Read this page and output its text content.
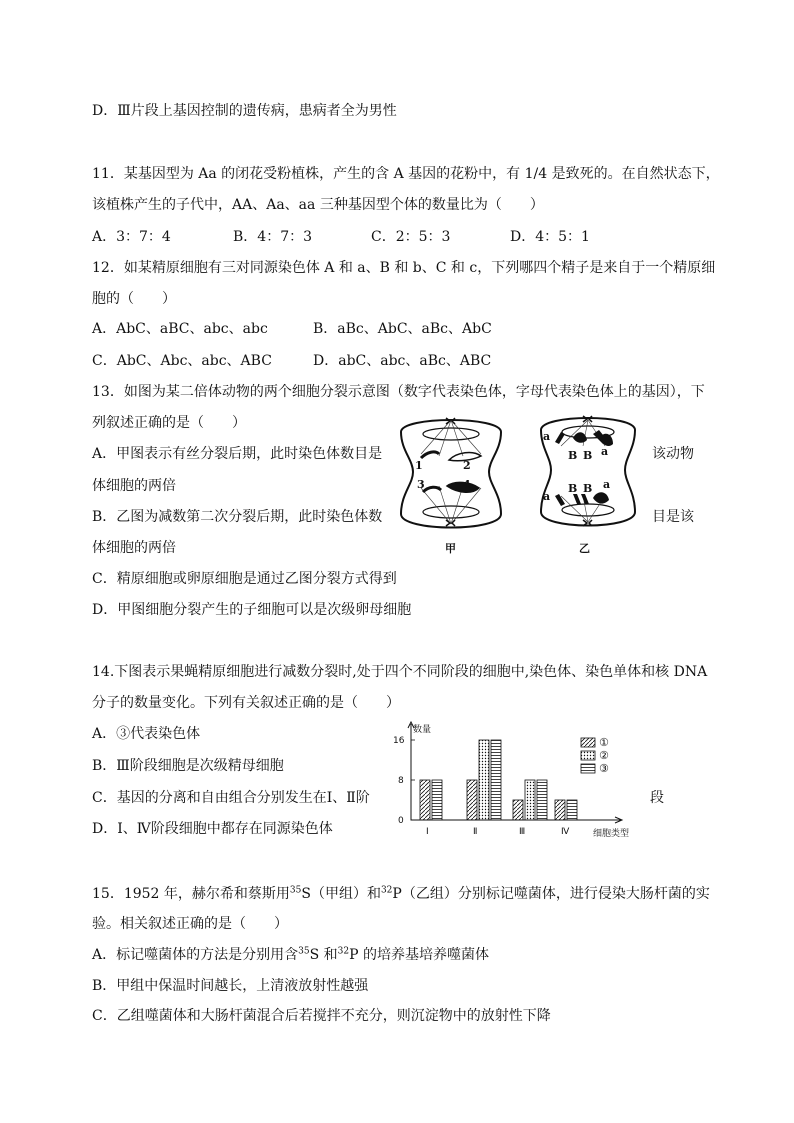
D．Ⅲ片段上基因控制的遗传病，患病者全为男性
11．某基因型为 Aa 的闭花受粉植株，产生的含 A 基因的花粉中，有 1/4 是致死的。在自然状态下，
该植株产生的子代中，AA、Aa、aa 三种基因型个体的数量比为（　　）
A．3：7：4	B．4：7：3	C．2：5：3	D．4：5：1
12．如某精原细胞有三对同源染色体 A 和 a、B 和 b、C 和 c，下列哪四个精子是来自于一个精原细
胞的（　　）
A．AbC、aBC、abc、abc	B．aBc、AbC、aBc、AbC
C．AbC、Abc、abc、ABC	D．abC、abc、aBc、ABC
13．如图为某二倍体动物的两个细胞分裂示意图（数字代表染色体，字母代表染色体上的基因），下
列叙述正确的是（　　）
A．甲图表示有丝分裂后期，此时染色体数目是	该动物
体细胞的两倍
B．乙图为减数第二次分裂后期，此时染色体数	目是该
体细胞的两倍
C．精原细胞或卵原细胞是通过乙图分裂方式得到
D．甲图细胞分裂产生的子细胞可以是次级卵母细胞
1	2
3	4
甲
B B a
a
B B a
a
乙
14.下图表示果蝇精原细胞进行减数分裂时,处于四个不同阶段的细胞中,染色体、染色单体和核 DNA
分子的数量变化。下列有关叙述正确的是（　　）
A．③代表染色体
B．Ⅲ阶段细胞是次级精母细胞
C．基因的分离和自由组合分别发生在Ⅰ、Ⅱ阶	段
D．Ⅰ、Ⅳ阶段细胞中都存在同源染色体
数量
细胞类型
Ⅰ	Ⅱ	Ⅲ	Ⅳ
16
8
0
①
②
③
15．1952 年，赫尔希和蔡斯用$^{35}$S（甲组）和$^{32}$P（乙组）分别标记噬菌体，进行侵染大肠杆菌的实
验。相关叙述正确的是（　　）
A．标记噬菌体的方法是分别用含$^{35}$S 和$^{32}$P 的培养基培养噬菌体
B．甲组中保温时间越长，上清液放射性越强
C．乙组噬菌体和大肠杆菌混合后若搅拌不充分，则沉淀物中的放射性下降
